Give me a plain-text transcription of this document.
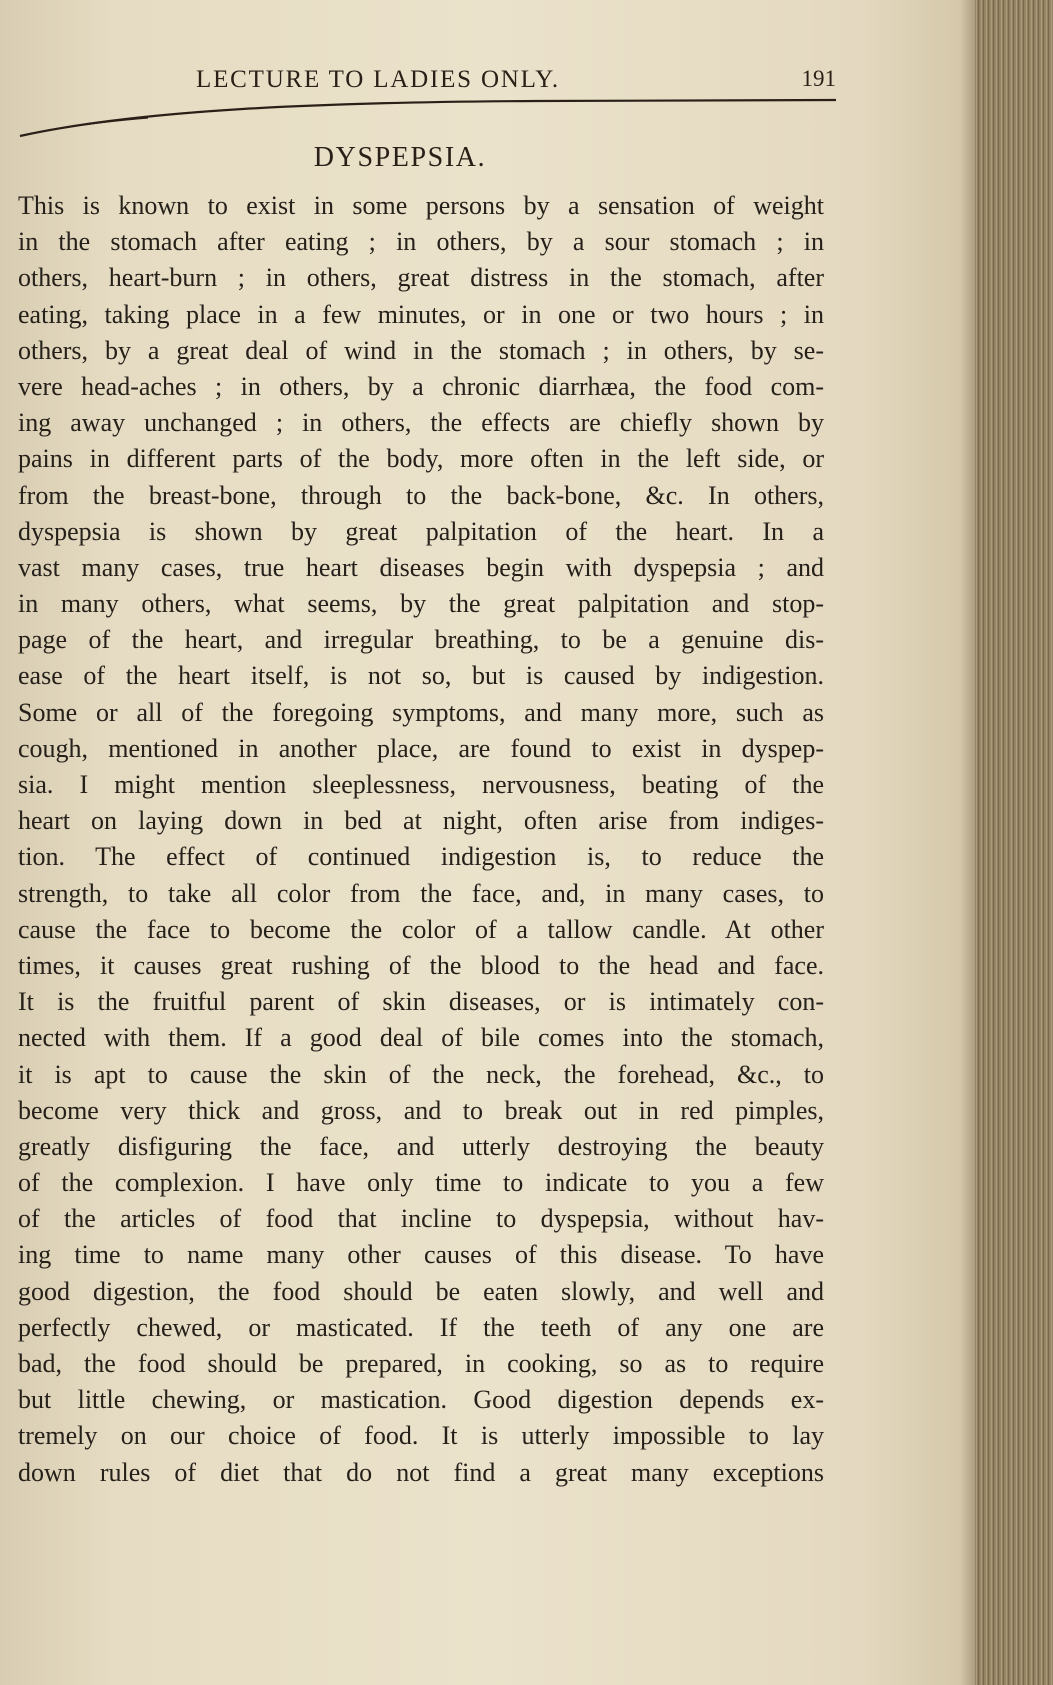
LECTURE TO LADIES ONLY.	191
DYSPEPSIA.
This is known to exist in some persons by a sensation of weight
in the stomach after eating ; in others, by a sour stomach ; in
others, heart-burn ; in others, great distress in the stomach, after
eating, taking place in a few minutes, or in one or two hours ; in
others, by a great deal of wind in the stomach ; in others, by se-
vere head-aches ; in others, by a chronic diarrhæa, the food com-
ing away unchanged ; in others, the effects are chiefly shown by
pains in different parts of the body, more often in the left side, or
from the breast-bone, through to the back-bone, &c. In others,
dyspepsia is shown by great palpitation of the heart. In a
vast many cases, true heart diseases begin with dyspepsia ; and
in many others, what seems, by the great palpitation and stop-
page of the heart, and irregular breathing, to be a genuine dis-
ease of the heart itself, is not so, but is caused by indigestion.
Some or all of the foregoing symptoms, and many more, such as
cough, mentioned in another place, are found to exist in dyspep-
sia. I might mention sleeplessness, nervousness, beating of the
heart on laying down in bed at night, often arise from indiges-
tion. The effect of continued indigestion is, to reduce the
strength, to take all color from the face, and, in many cases, to
cause the face to become the color of a tallow candle. At other
times, it causes great rushing of the blood to the head and face.
It is the fruitful parent of skin diseases, or is intimately con-
nected with them. If a good deal of bile comes into the stomach,
it is apt to cause the skin of the neck, the forehead, &c., to
become very thick and gross, and to break out in red pimples,
greatly disfiguring the face, and utterly destroying the beauty
of the complexion. I have only time to indicate to you a few
of the articles of food that incline to dyspepsia, without hav-
ing time to name many other causes of this disease. To have
good digestion, the food should be eaten slowly, and well and
perfectly chewed, or masticated. If the teeth of any one are
bad, the food should be prepared, in cooking, so as to require
but little chewing, or mastication. Good digestion depends ex-
tremely on our choice of food. It is utterly impossible to lay
down rules of diet that do not find a great many exceptions
